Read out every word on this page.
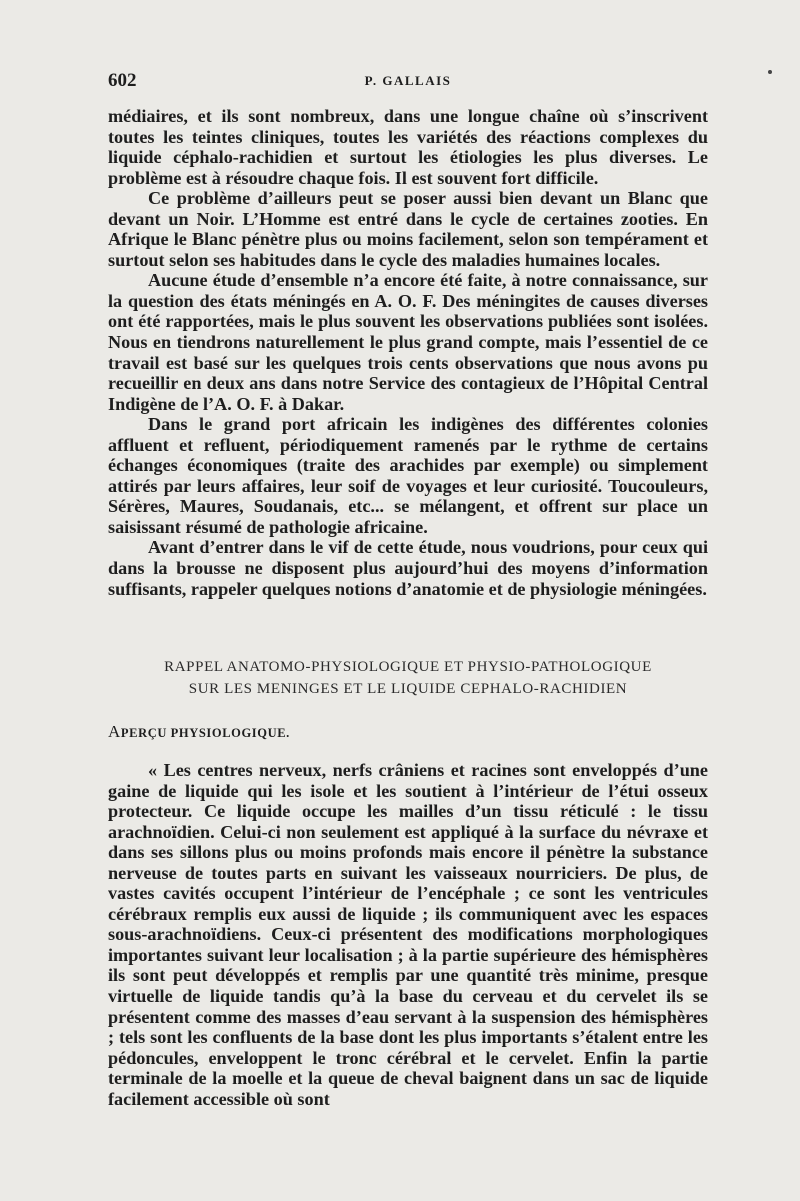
602	P. GALLAIS

médiaires, et ils sont nombreux, dans une longue chaîne où s’inscrivent toutes les teintes cliniques, toutes les variétés des réactions complexes du liquide céphalo-rachidien et surtout les étiologies les plus diverses. Le problème est à résoudre chaque fois. Il est souvent fort difficile.

Ce problème d’ailleurs peut se poser aussi bien devant un Blanc que devant un Noir. L’Homme est entré dans le cycle de certaines zooties. En Afrique le Blanc pénètre plus ou moins facilement, selon son tempérament et surtout selon ses habitudes dans le cycle des maladies humaines locales.

Aucune étude d’ensemble n’a encore été faite, à notre connaissance, sur la question des états méningés en A. O. F. Des méningites de causes diverses ont été rapportées, mais le plus souvent les observations publiées sont isolées. Nous en tiendrons naturellement le plus grand compte, mais l’essentiel de ce travail est basé sur les quelques trois cents observations que nous avons pu recueillir en deux ans dans notre Service des contagieux de l’Hôpital Central Indigène de l’A. O. F. à Dakar.

Dans le grand port africain les indigènes des différentes colonies affluent et refluent, périodiquement ramenés par le rythme de certains échanges économiques (traite des arachides par exemple) ou simplement attirés par leurs affaires, leur soif de voyages et leur curiosité. Toucouleurs, Sérères, Maures, Soudanais, etc... se mélangent, et offrent sur place un saisissant résumé de pathologie africaine.

Avant d’entrer dans le vif de cette étude, nous voudrions, pour ceux qui dans la brousse ne disposent plus aujourd’hui des moyens d’information suffisants, rappeler quelques notions d’anatomie et de physiologie méningées.

RAPPEL ANATOMO-PHYSIOLOGIQUE ET PHYSIO-PATHOLOGIQUE
SUR LES MENINGES ET LE LIQUIDE CEPHALO-RACHIDIEN
APERÇU PHYSIOLOGIQUE.

« Les centres nerveux, nerfs crâniens et racines sont enveloppés d’une gaine de liquide qui les isole et les soutient à l’intérieur de l’étui osseux protecteur. Ce liquide occupe les mailles d’un tissu réticulé : le tissu arachnoïdien. Celui-ci non seulement est appliqué à la surface du névraxe et dans ses sillons plus ou moins profonds mais encore il pénètre la substance nerveuse de toutes parts en suivant les vaisseaux nourriciers. De plus, de vastes cavités occupent l’intérieur de l’encéphale ; ce sont les ventricules cérébraux remplis eux aussi de liquide ; ils communiquent avec les espaces sous-arachnoïdiens. Ceux-ci présentent des modifications morphologiques importantes suivant leur localisation ; à la partie supérieure des hémisphères ils sont peut développés et remplis par une quantité très minime, presque virtuelle de liquide tandis qu’à la base du cerveau et du cervelet ils se présentent comme des masses d’eau servant à la suspension des hémisphères ; tels sont les confluents de la base dont les plus importants s’étalent entre les pédoncules, enveloppent le tronc cérébral et le cervelet. Enfin la partie terminale de la moelle et la queue de cheval baignent dans un sac de liquide facilement accessible où sont
